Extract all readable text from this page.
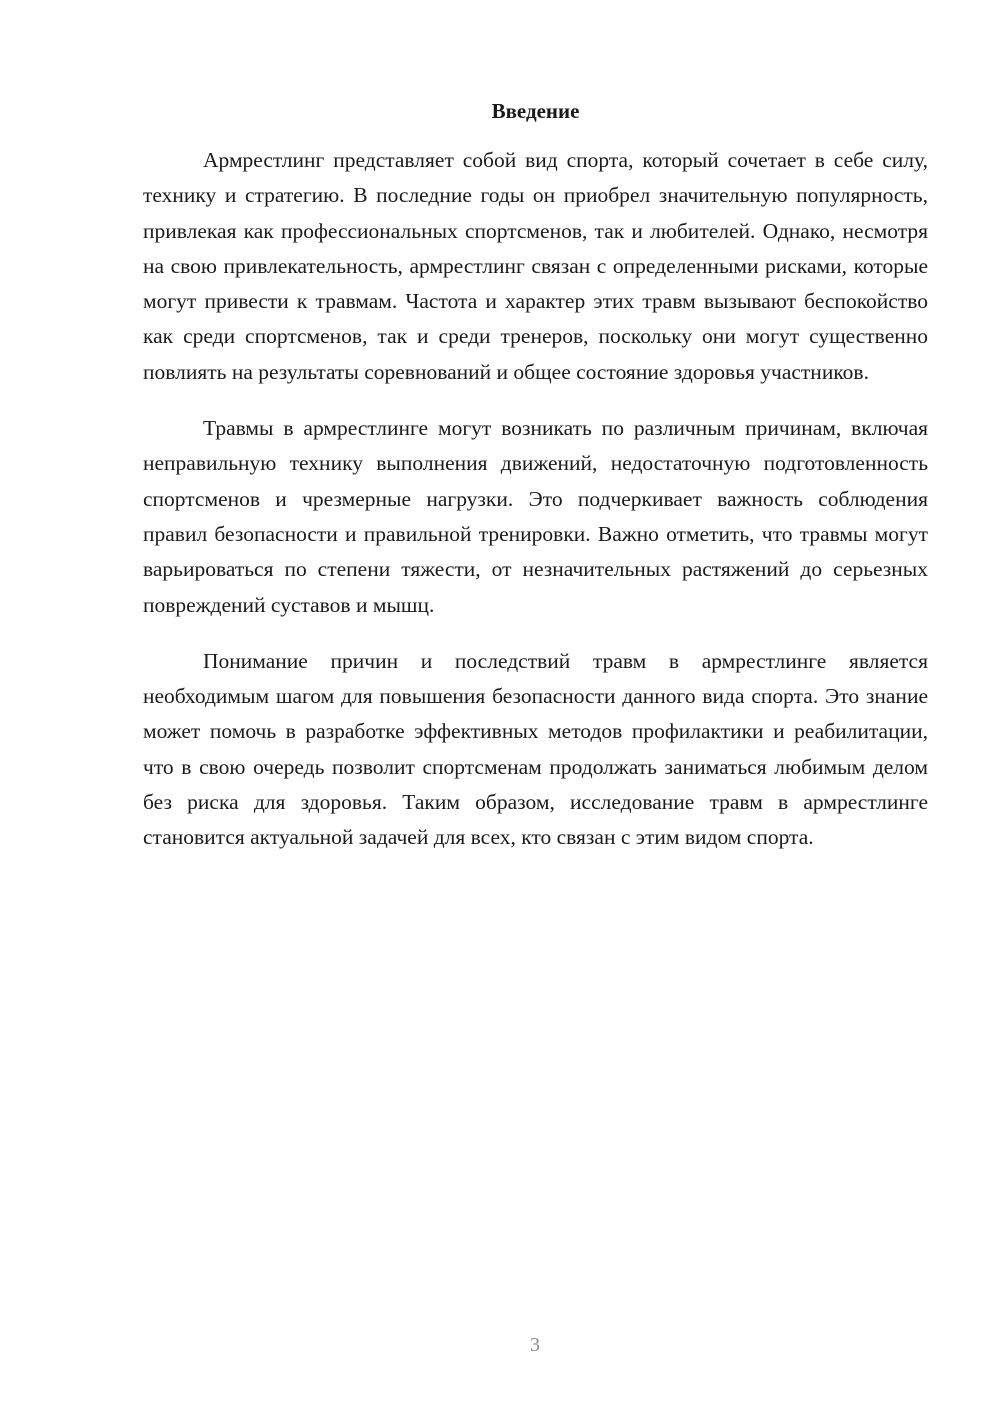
Введение

Армрестлинг представляет собой вид спорта, который сочетает в себе силу, технику и стратегию. В последние годы он приобрел значительную популярность, привлекая как профессиональных спортсменов, так и любителей. Однако, несмотря на свою привлекательность, армрестлинг связан с определенными рисками, которые могут привести к травмам. Частота и характер этих травм вызывают беспокойство как среди спортсменов, так и среди тренеров, поскольку они могут существенно повлиять на результаты соревнований и общее состояние здоровья участников.

Травмы в армрестлинге могут возникать по различным причинам, включая неправильную технику выполнения движений, недостаточную подготовленность спортсменов и чрезмерные нагрузки. Это подчеркивает важность соблюдения правил безопасности и правильной тренировки. Важно отметить, что травмы могут варьироваться по степени тяжести, от незначительных растяжений до серьезных повреждений суставов и мышц.

Понимание причин и последствий травм в армрестлинге является необходимым шагом для повышения безопасности данного вида спорта. Это знание может помочь в разработке эффективных методов профилактики и реабилитации, что в свою очередь позволит спортсменам продолжать заниматься любимым делом без риска для здоровья. Таким образом, исследование травм в армрестлинге становится актуальной задачей для всех, кто связан с этим видом спорта.

3
